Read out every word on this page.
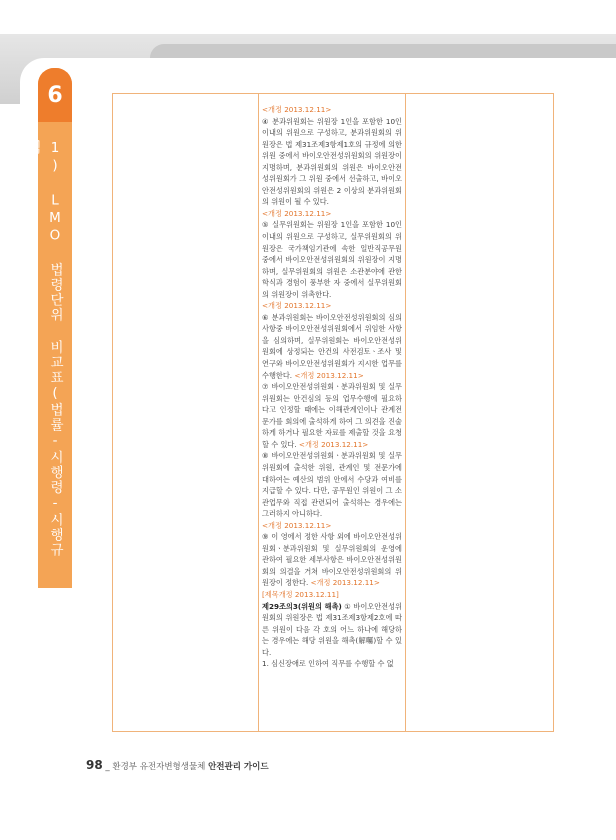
6
1) LMO 법령단위 비교표(법률-시행령-시행규칙)

<개정 2013.12.11>

④ 분과위원회는 위원장 1인을 포함한 10인 이내의 위원으로 구성하고, 분과위원회의 위원장은 법 제31조제3항제1호의 규정에 의한 위원 중에서 바이오안전성위원회의 위원장이 지명하며, 분과위원회의 위원은 바이오안전성위원회가 그 위원 중에서 선출하고, 바이오안전성위원회의 위원은 2 이상의 분과위원회의 위원이 될 수 있다.

<개정 2013.12.11>

⑤ 실무위원회는 위원장 1인을 포함한 10인 이내의 위원으로 구성하고, 실무위원회의 위원장은 국가책임기관에 속한 일반직공무원 중에서 바이오안전성위원회의 위원장이 지명하며, 실무위원회의 위원은 소관분야에 관한 학식과 경험이 풍부한 자 중에서 실무위원회의 위원장이 위촉한다.

<개정 2013.12.11>

⑥ 분과위원회는 바이오안전성위원회의 심의사항중 바이오안전성위원회에서 위임한 사항을 심의하며, 실무위원회는 바이오안전성위원회에 상정되는 안건의 사전검토ㆍ조사 및 연구와 바이오안전성위원회가 지시한 업무를 수행한다. <개정 2013.12.11>

⑦ 바이오안전성위원회ㆍ분과위원회 및 실무위원회는 안건심의 등의 업무수행에 필요하다고 인정할 때에는 이해관계인이나 관계전문가를 회의에 출석하게 하여 그 의견을 진술하게 하거나 필요한 자료를 제출할 것을 요청할 수 있다. <개정 2013.12.11>

⑧ 바이오안전성위원회ㆍ분과위원회 및 실무위원회에 출석한 위원, 관계인 및 전문가에 대하여는 예산의 범위 안에서 수당과 여비를 지급할 수 있다. 다만, 공무원인 위원이 그 소관업무와 직접 관련되어 출석하는 경우에는 그러하지 아니하다.

<개정 2013.12.11>

⑨ 이 영에서 정한 사항 외에 바이오안전성위원회ㆍ분과위원회 및 실무위원회의 운영에 관하여 필요한 세부사항은 바이오안전성위원회의 의결을 거쳐 바이오안전성위원회의 위원장이 정한다. <개정 2013.12.11>

[제목개정 2013.12.11]

제29조의3(위원의 해촉) ① 바이오안전성위원회의 위원장은 법 제31조제3항제2호에 따른 위원이 다음 각 호의 어느 하나에 해당하는 경우에는 해당 위원을 해촉(解囑)할 수 있다.

1. 심신장애로 인하여 직무를 수행할 수 없

98 _ 환경부 유전자변형생물체 안전관리 가이드
